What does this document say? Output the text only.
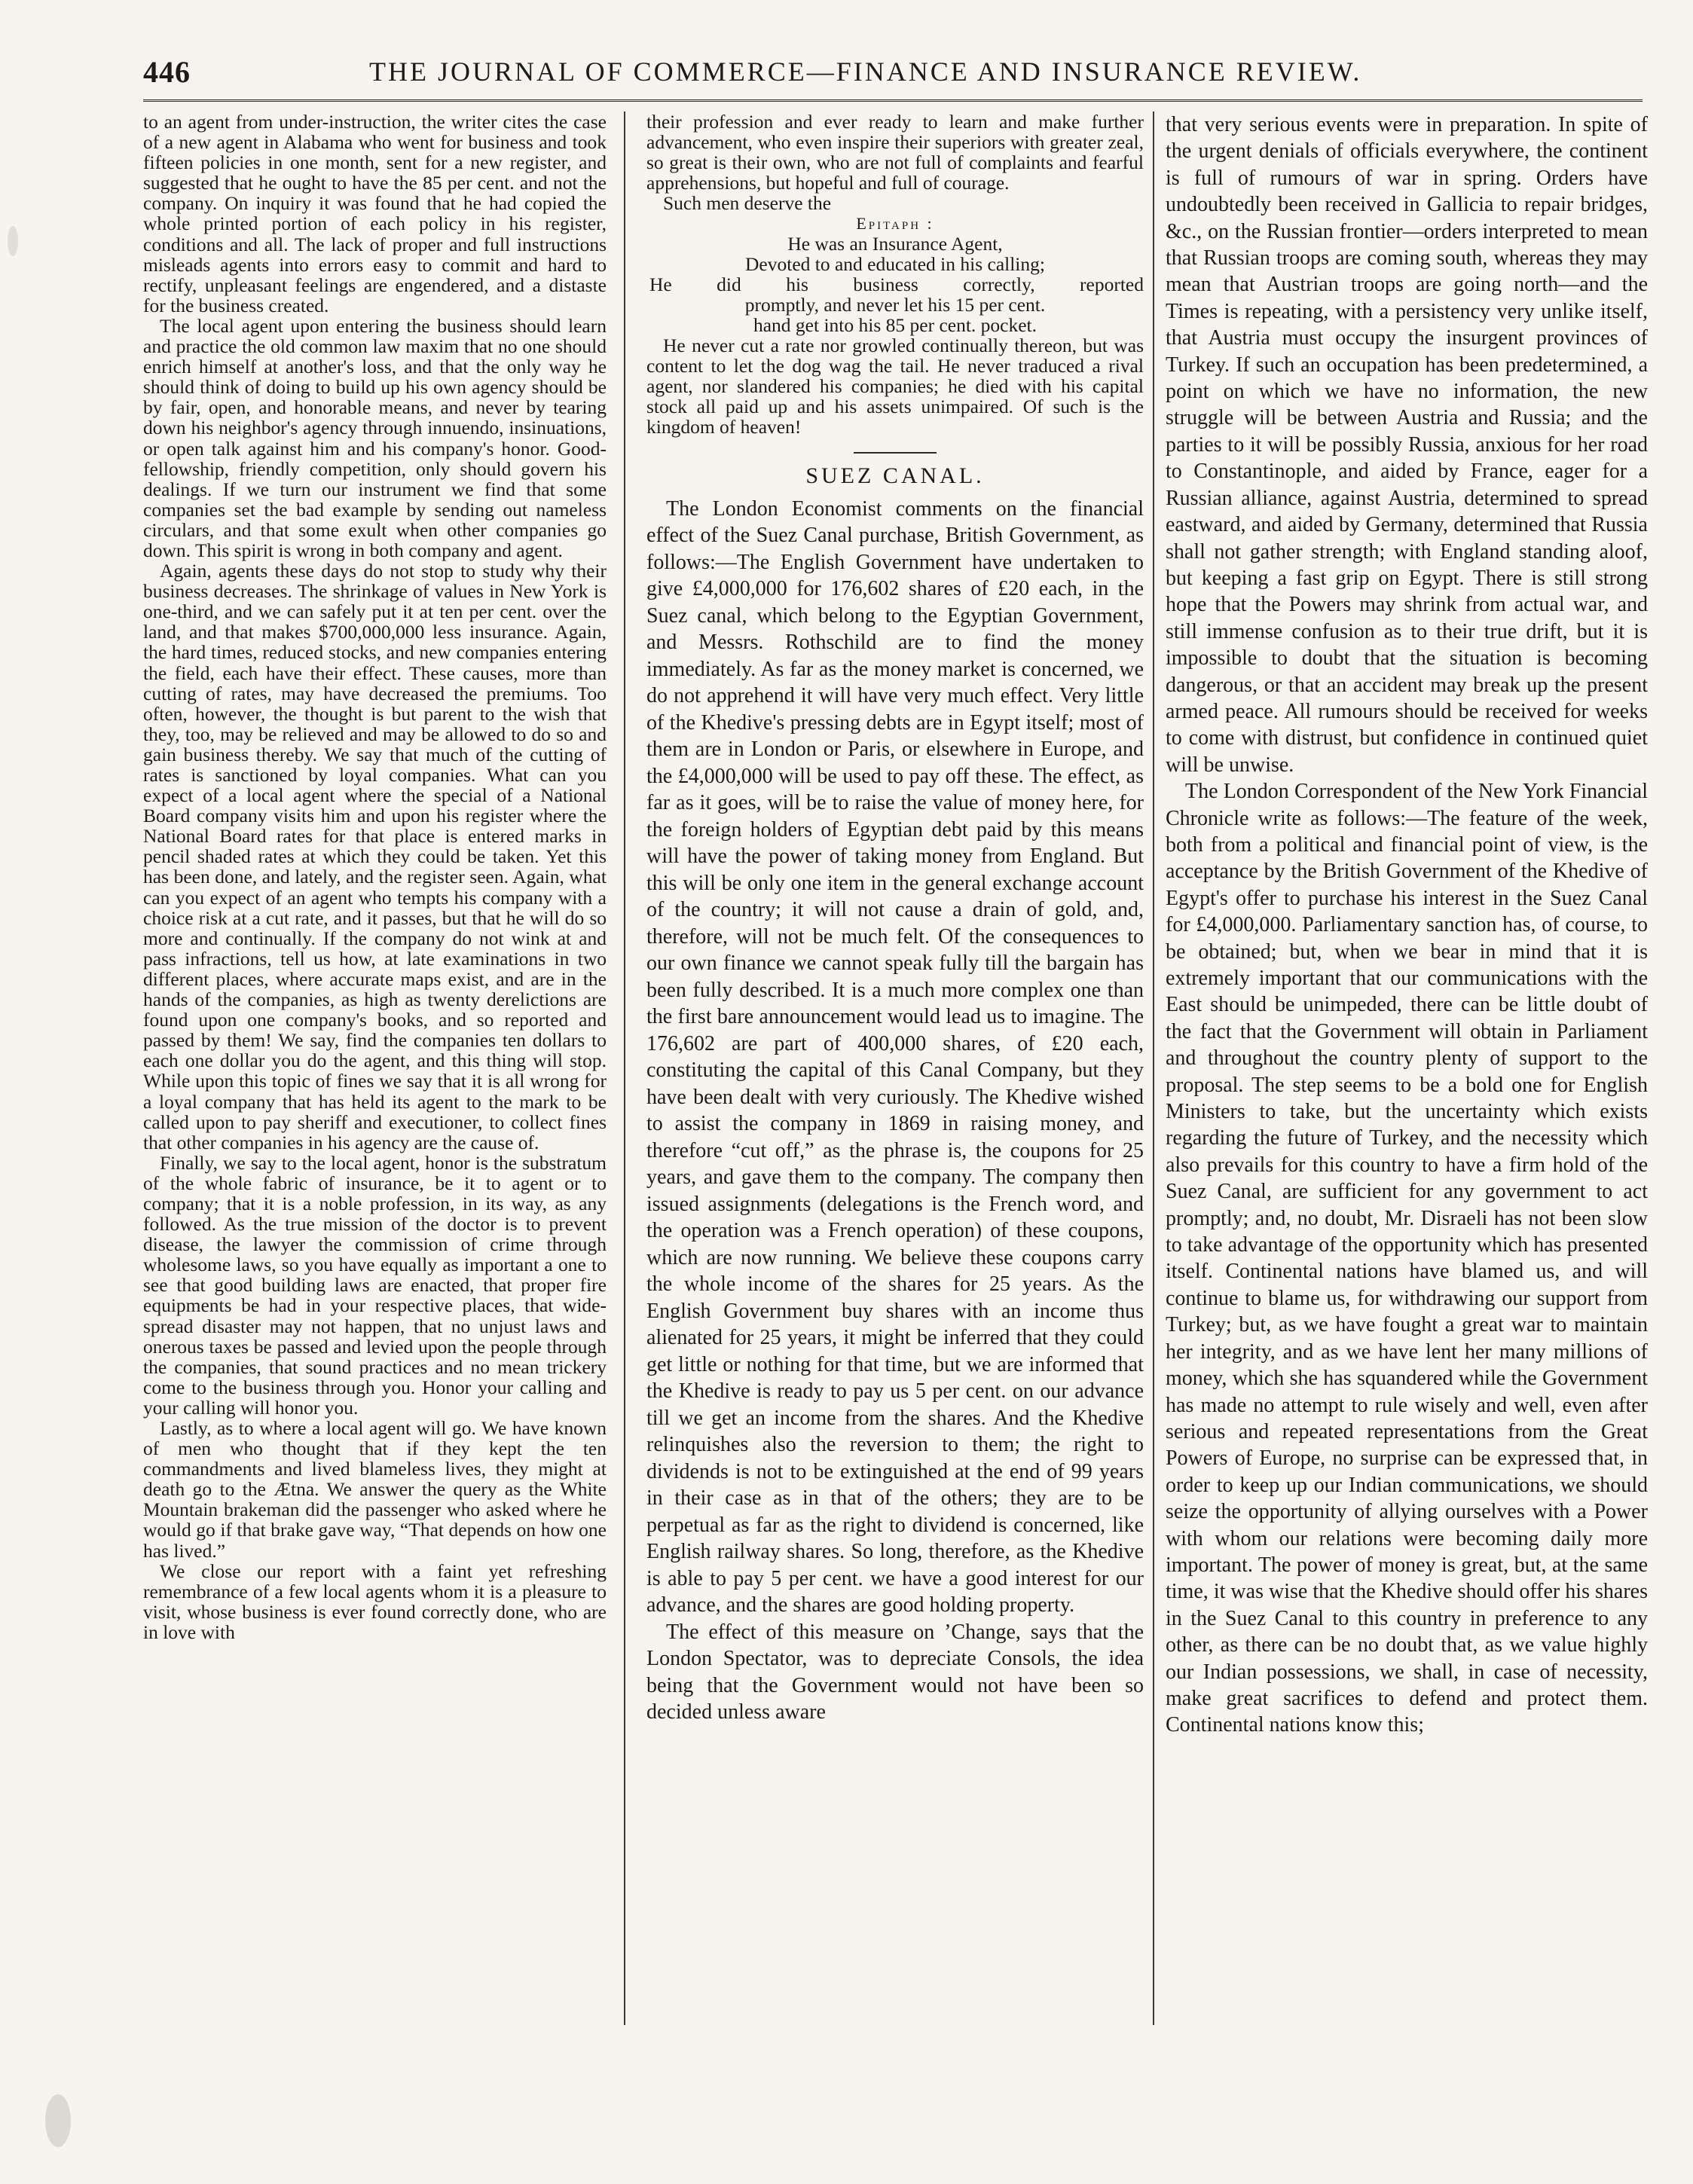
446	THE JOURNAL OF COMMERCE—FINANCE AND INSURANCE REVIEW.

to an agent from under-instruction, the writer cites the case of a new agent in Alabama who went for business and took fifteen policies in one month, sent for a new register, and suggested that he ought to have the 85 per cent. and not the company. On inquiry it was found that he had copied the whole printed portion of each policy in his register, conditions and all. The lack of proper and full instructions misleads agents into errors easy to commit and hard to rectify, unpleasant feelings are engendered, and a distaste for the business created.

The local agent upon entering the business should learn and practice the old common law maxim that no one should enrich himself at another's loss, and that the only way he should think of doing to build up his own agency should be by fair, open, and honorable means, and never by tearing down his neighbor's agency through innuendo, insinuations, or open talk against him and his company's honor. Good-fellowship, friendly competition, only should govern his dealings. If we turn our instrument we find that some companies set the bad example by sending out nameless circulars, and that some exult when other companies go down. This spirit is wrong in both company and agent.

Again, agents these days do not stop to study why their business decreases. The shrinkage of values in New York is one-third, and we can safely put it at ten per cent. over the land, and that makes $700,000,000 less insurance. Again, the hard times, reduced stocks, and new companies entering the field, each have their effect. These causes, more than cutting of rates, may have decreased the premiums. Too often, however, the thought is but parent to the wish that they, too, may be relieved and may be allowed to do so and gain business thereby. We say that much of the cutting of rates is sanctioned by loyal companies. What can you expect of a local agent where the special of a National Board company visits him and upon his register where the National Board rates for that place is entered marks in pencil shaded rates at which they could be taken. Yet this has been done, and lately, and the register seen. Again, what can you expect of an agent who tempts his company with a choice risk at a cut rate, and it passes, but that he will do so more and continually. If the company do not wink at and pass infractions, tell us how, at late examinations in two different places, where accurate maps exist, and are in the hands of the companies, as high as twenty derelictions are found upon one company's books, and so reported and passed by them! We say, find the companies ten dollars to each one dollar you do the agent, and this thing will stop. While upon this topic of fines we say that it is all wrong for a loyal company that has held its agent to the mark to be called upon to pay sheriff and executioner, to collect fines that other companies in his agency are the cause of.

Finally, we say to the local agent, honor is the substratum of the whole fabric of insurance, be it to agent or to company; that it is a noble profession, in its way, as any followed. As the true mission of the doctor is to prevent disease, the lawyer the commission of crime through wholesome laws, so you have equally as important a one to see that good building laws are enacted, that proper fire equipments be had in your respective places, that wide-spread disaster may not happen, that no unjust laws and onerous taxes be passed and levied upon the people through the companies, that sound practices and no mean trickery come to the business through you. Honor your calling and your calling will honor you.

Lastly, as to where a local agent will go. We have known of men who thought that if they kept the ten commandments and lived blameless lives, they might at death go to the Ætna. We answer the query as the White Mountain brakeman did the passenger who asked where he would go if that brake gave way, “That depends on how one has lived.”

We close our report with a faint yet refreshing remembrance of a few local agents whom it is a pleasure to visit, whose business is ever found correctly done, who are in love with

their profession and ever ready to learn and make further advancement, who even inspire their superiors with greater zeal, so great is their own, who are not full of complaints and fearful apprehensions, but hopeful and full of courage.

Such men deserve the
Epitaph :
He was an Insurance Agent,
Devoted to and educated in his calling;
He did his business correctly, reported
promptly, and never let his 15 per cent.
hand get into his 85 per cent. pocket.
He never cut a rate nor growled continually thereon, but was content to let the dog wag the tail. He never traduced a rival agent, nor slandered his companies; he died with his capital stock all paid up and his assets unimpaired. Of such is the kingdom of heaven!
SUEZ CANAL.

The London Economist comments on the financial effect of the Suez Canal purchase, British Government, as follows:—The English Government have undertaken to give £4,000,000 for 176,602 shares of £20 each, in the Suez canal, which belong to the Egyptian Government, and Messrs. Rothschild are to find the money immediately. As far as the money market is concerned, we do not apprehend it will have very much effect. Very little of the Khedive's pressing debts are in Egypt itself; most of them are in London or Paris, or elsewhere in Europe, and the £4,000,000 will be used to pay off these. The effect, as far as it goes, will be to raise the value of money here, for the foreign holders of Egyptian debt paid by this means will have the power of taking money from England. But this will be only one item in the general exchange account of the country; it will not cause a drain of gold, and, therefore, will not be much felt. Of the consequences to our own finance we cannot speak fully till the bargain has been fully described. It is a much more complex one than the first bare announcement would lead us to imagine. The 176,602 are part of 400,000 shares, of £20 each, constituting the capital of this Canal Company, but they have been dealt with very curiously. The Khedive wished to assist the company in 1869 in raising money, and therefore “cut off,” as the phrase is, the coupons for 25 years, and gave them to the company. The company then issued assignments (delegations is the French word, and the operation was a French operation) of these coupons, which are now running. We believe these coupons carry the whole income of the shares for 25 years. As the English Government buy shares with an income thus alienated for 25 years, it might be inferred that they could get little or nothing for that time, but we are informed that the Khedive is ready to pay us 5 per cent. on our advance till we get an income from the shares. And the Khedive relinquishes also the reversion to them; the right to dividends is not to be extinguished at the end of 99 years in their case as in that of the others; they are to be perpetual as far as the right to dividend is concerned, like English railway shares. So long, therefore, as the Khedive is able to pay 5 per cent. we have a good interest for our advance, and the shares are good holding property.

The effect of this measure on ’Change, says that the London Spectator, was to depreciate Consols, the idea being that the Government would not have been so decided unless aware

that very serious events were in preparation. In spite of the urgent denials of officials everywhere, the continent is full of rumours of war in spring. Orders have undoubtedly been received in Gallicia to repair bridges, &c., on the Russian frontier—orders interpreted to mean that Russian troops are coming south, whereas they may mean that Austrian troops are going north—and the Times is repeating, with a persistency very unlike itself, that Austria must occupy the insurgent provinces of Turkey. If such an occupation has been predetermined, a point on which we have no information, the new struggle will be between Austria and Russia; and the parties to it will be possibly Russia, anxious for her road to Constantinople, and aided by France, eager for a Russian alliance, against Austria, determined to spread eastward, and aided by Germany, determined that Russia shall not gather strength; with England standing aloof, but keeping a fast grip on Egypt. There is still strong hope that the Powers may shrink from actual war, and still immense confusion as to their true drift, but it is impossible to doubt that the situation is becoming dangerous, or that an accident may break up the present armed peace. All rumours should be received for weeks to come with distrust, but confidence in continued quiet will be unwise.

The London Correspondent of the New York Financial Chronicle write as follows:—The feature of the week, both from a political and financial point of view, is the acceptance by the British Government of the Khedive of Egypt's offer to purchase his interest in the Suez Canal for £4,000,000. Parliamentary sanction has, of course, to be obtained; but, when we bear in mind that it is extremely important that our communications with the East should be unimpeded, there can be little doubt of the fact that the Government will obtain in Parliament and throughout the country plenty of support to the proposal. The step seems to be a bold one for English Ministers to take, but the uncertainty which exists regarding the future of Turkey, and the necessity which also prevails for this country to have a firm hold of the Suez Canal, are sufficient for any government to act promptly; and, no doubt, Mr. Disraeli has not been slow to take advantage of the opportunity which has presented itself. Continental nations have blamed us, and will continue to blame us, for withdrawing our support from Turkey; but, as we have fought a great war to maintain her integrity, and as we have lent her many millions of money, which she has squandered while the Government has made no attempt to rule wisely and well, even after serious and repeated representations from the Great Powers of Europe, no surprise can be expressed that, in order to keep up our Indian communications, we should seize the opportunity of allying ourselves with a Power with whom our relations were becoming daily more important. The power of money is great, but, at the same time, it was wise that the Khedive should offer his shares in the Suez Canal to this country in preference to any other, as there can be no doubt that, as we value highly our Indian possessions, we shall, in case of necessity, make great sacrifices to defend and protect them. Continental nations know this;
